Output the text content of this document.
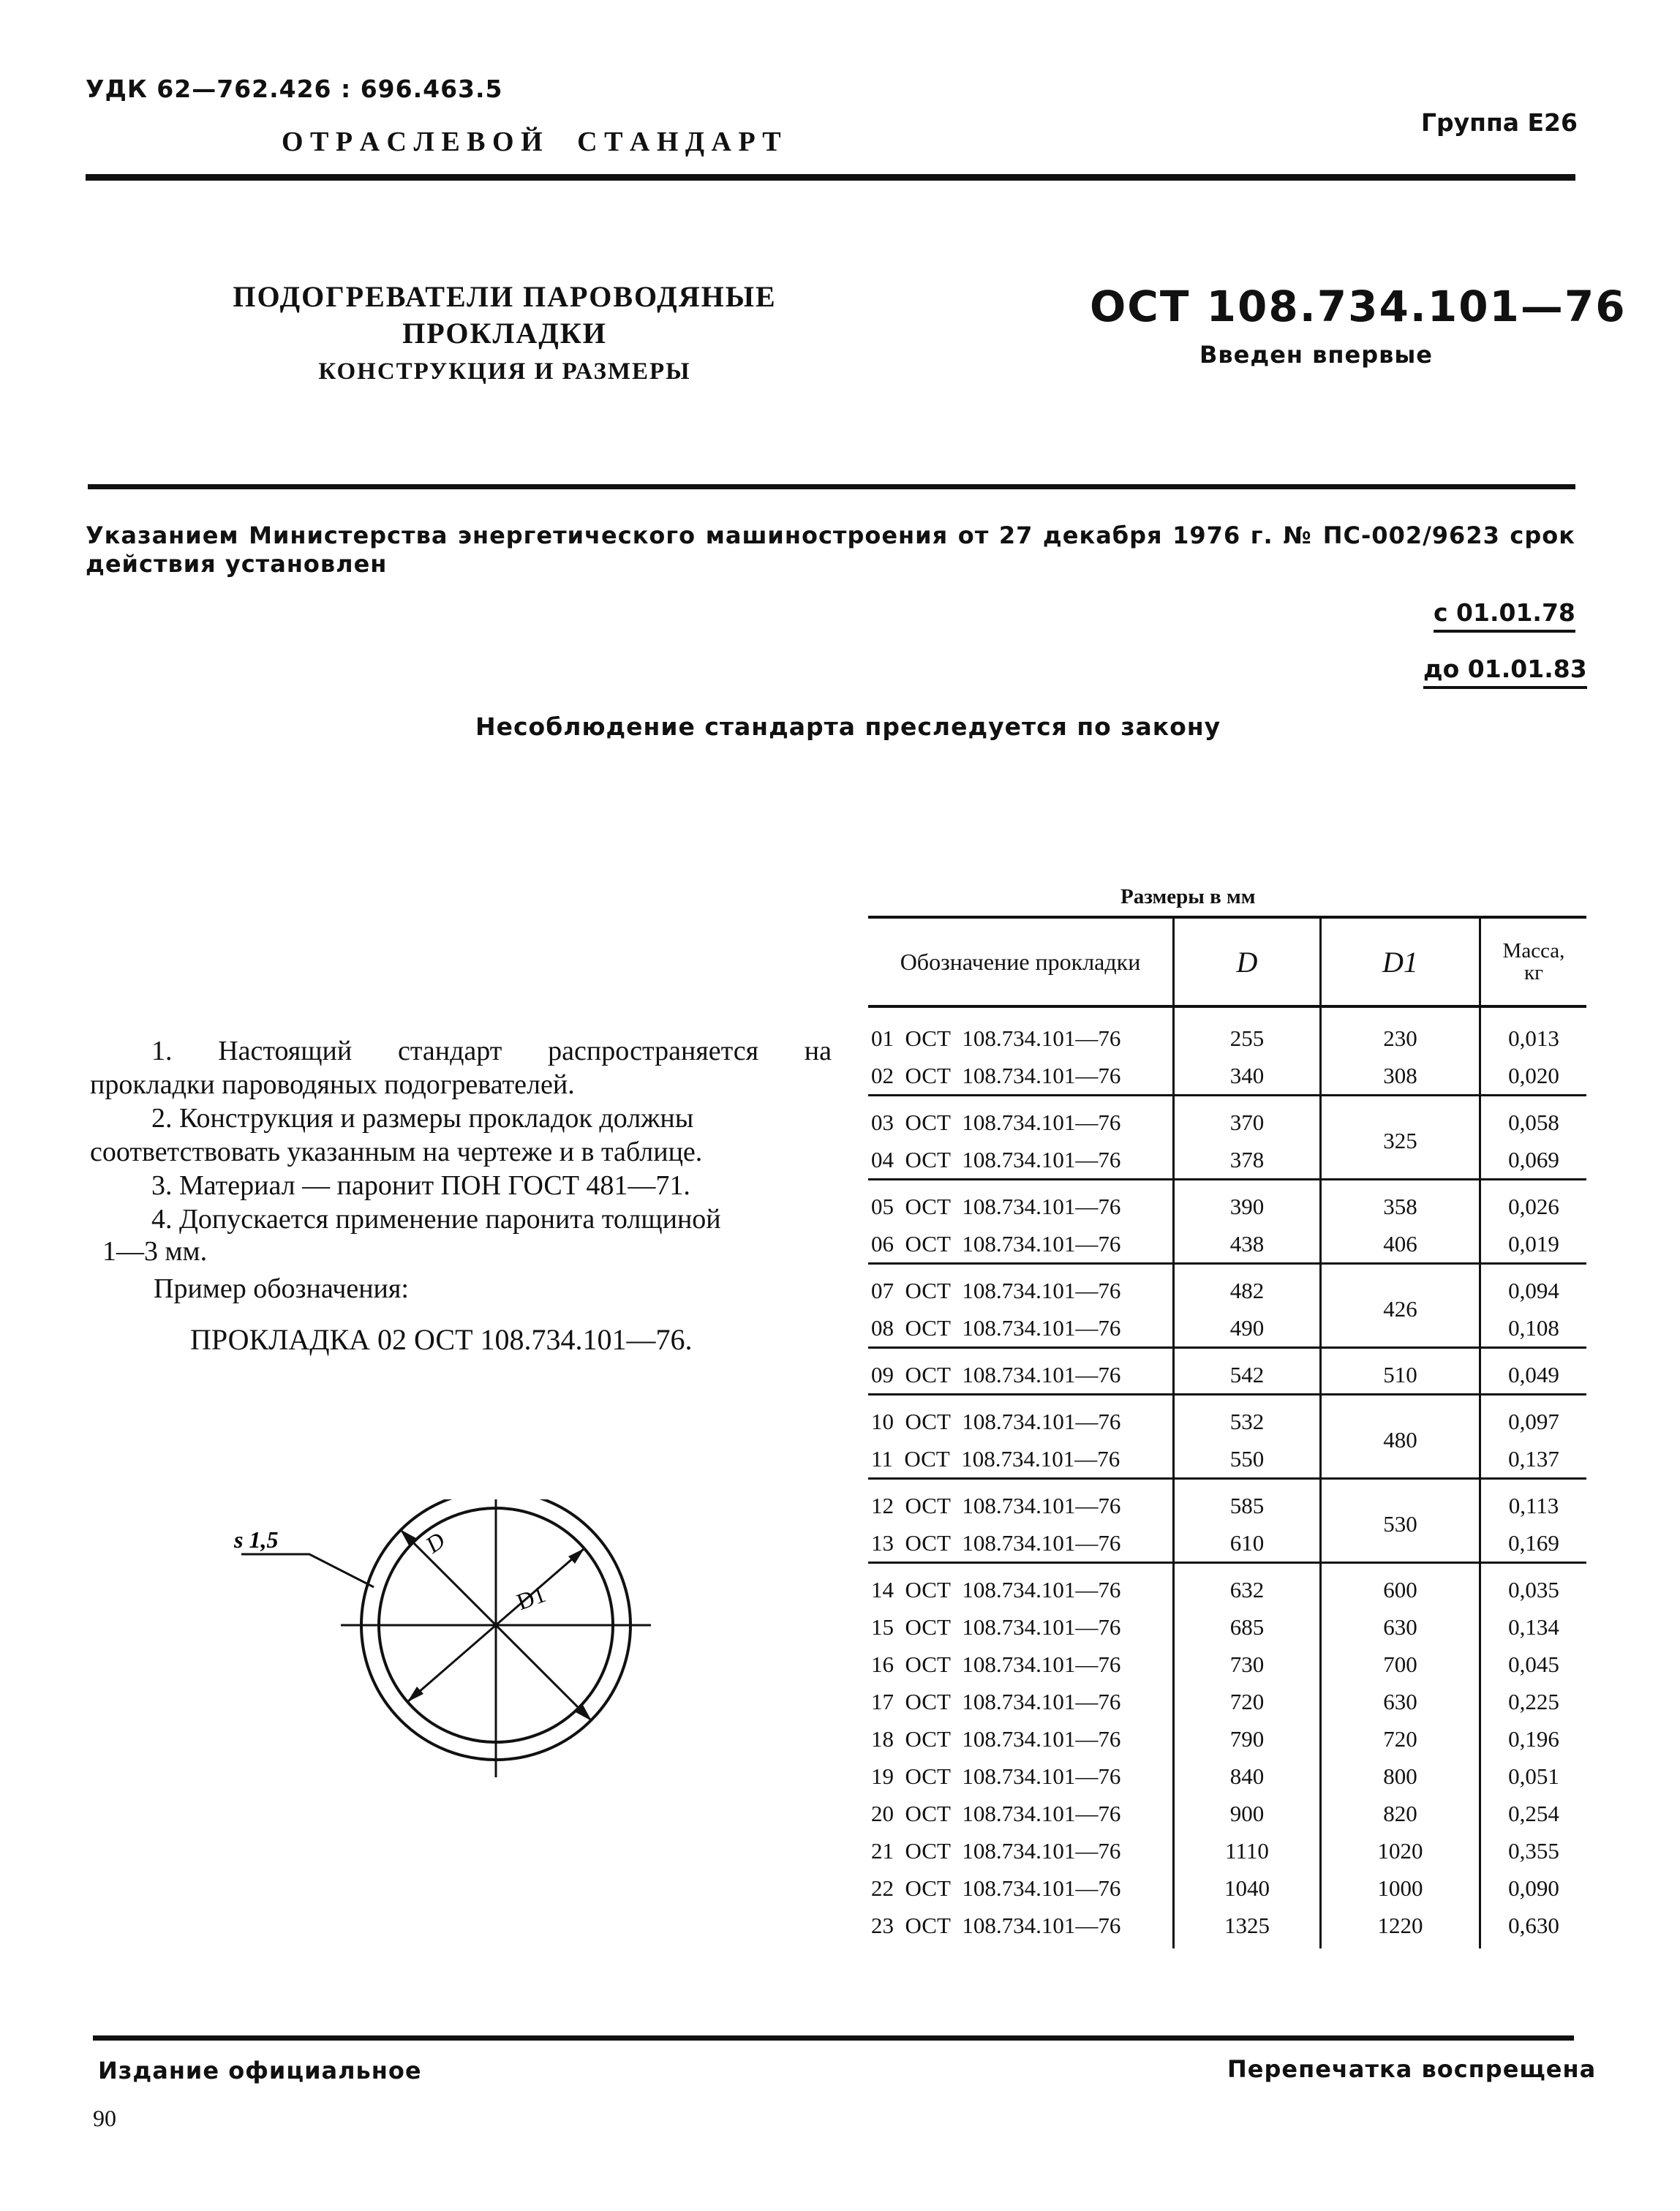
УДК 62—762.426 : 696.463.5
Группа Е26
О Т Р А С Л Е В О Й     С Т А Н Д А Р Т
ПОДОГРЕВАТЕЛИ ПАРОВОДЯНЫЕ
ПРОКЛАДКИ
КОНСТРУКЦИЯ И РАЗМЕРЫ
ОСТ 108.734.101—76
Введен впервые
Указанием Министерства энергетического машиностроения от 27 декабря 1976 г. № ПС-002/9623 срок
действия установлен
с 01.01.78
до 01.01.83
Несоблюдение стандарта преследуется по закону
1. Настоящий стандарт распространяется на
прокладки пароводяных подогревателей.
2. Конструкция и размеры прокладок должны
соответствовать указанным на чертеже и в таблице.
3. Материал — паронит ПОН ГОСТ 481—71.
4. Допускается применение паронита толщиной
1—3 мм.
Пример обозначения:
ПРОКЛАДКА 02 ОСТ 108.734.101—76.
s 1,5	D
D1
Размеры в мм
Обозначение прокладки	D	D1	Масса,
кг
01  ОСТ  108.734.101—76	255	230	0,013
02  ОСТ  108.734.101—76	340	308	0,020
03  ОСТ  108.734.101—76	370	325	0,058
04  ОСТ  108.734.101—76	378		0,069
05  ОСТ  108.734.101—76	390	358	0,026
06  ОСТ  108.734.101—76	438	406	0,019
07  ОСТ  108.734.101—76	482	426	0,094
08  ОСТ  108.734.101—76	490		0,108
09  ОСТ  108.734.101—76	542	510	0,049
10  ОСТ  108.734.101—76	532	480	0,097
11  ОСТ  108.734.101—76	550		0,137
12  ОСТ  108.734.101—76	585	530	0,113
13  ОСТ  108.734.101—76	610		0,169
14  ОСТ  108.734.101—76	632	600	0,035
15  ОСТ  108.734.101—76	685	630	0,134
16  ОСТ  108.734.101—76	730	700	0,045
17  ОСТ  108.734.101—76	720	630	0,225
18  ОСТ  108.734.101—76	790	720	0,196
19  ОСТ  108.734.101—76	840	800	0,051
20  ОСТ  108.734.101—76	900	820	0,254
21  ОСТ  108.734.101—76	1110	1020	0,355
22  ОСТ  108.734.101—76	1040	1000	0,090
23  ОСТ  108.734.101—76	1325	1220	0,630
Издание официальное	Перепечатка воспрещена
90
